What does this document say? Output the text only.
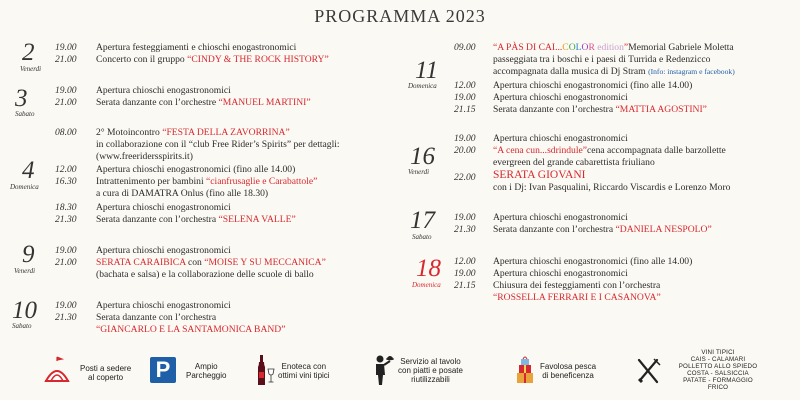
PROGRAMMA 2023
2
Venerdì
19.00 Apertura festeggiamenti e chioschi enogastronomici
21.00 Concerto con il gruppo “CINDY & THE ROCK HISTORY”
3
Sabato
19.00 Apertura chioschi enogastronomici
21.00 Serata danzante con l’orchestre “MANUEL MARTINI”
4
Domenica
08.00 2° Motoincontro “FESTA DELLA ZAVORRINA”
in collaborazione con il “club Free Rider’s Spirits” per dettagli:
(www.freeridersspirits.it)
12.00 Apertura chioschi enogastronomici (fino alle 14.00)
16.30 Intrattenimento per bambini “cianfrusaglie e Carabattole”
a cura di DAMATRA Onlus (fino alle 18.30)
18.30 Apertura chioschi enogastronomici
21.30 Serata danzante con l’orchestra “SELENA VALLE”
9
Venerdì
19.00 Apertura chioschi enogastronomici
21.00 SERATA CARAIBICA con “MOISE Y SU MECCANICA”
(bachata e salsa) e la collaborazione delle scuole di ballo
10
Sabato
19.00 Apertura chioschi enogastronomici
21.30 Serata danzante con l’orchestra
“GIANCARLO E LA SANTAMONICA BAND”
11
Domenica
09.00 “A PÀS DI CAI...COLOR edition”Memorial Gabriele Moletta
passeggiata tra i boschi e i paesi di Turrida e Redenzicco
accompagnata dalla musica di Dj Stram (Info: instagram e facebook)
12.00 Apertura chioschi enogastronomici (fino alle 14.00)
19.00 Apertura chioschi enogastronomici
21.15 Serata danzante con l’orchestra “MATTIA AGOSTINI”
16
Venerdì
19.00 Apertura chioschi enogastronomici
20.00 “A cena cun...sdrindule”cena accompagnata dalle barzollette
evergreen del grande cabarettista friuliano
22.00 SERATA GIOVANI
con i Dj: Ivan Pasqualini, Riccardo Viscardis e Lorenzo Moro
17
Sabato
19.00 Apertura chioschi enogastronomici
21.30 Serata danzante con l’orchestra “DANIELA NESPOLO”
18
Domenica
12.00 Apertura chioschi enogastronomici (fino alle 14.00)
19.00 Apertura chioschi enogastronomici
21.15 Chiusura dei festeggiamenti con l’orchestra
“ROSSELLA FERRARI E I CASANOVA”
Posti a sedere
al coperto	P	Ampio
Parcheggio
Enoteca con
ottimi vini tipici
Servizio al tavolo
con piatti e posate
riutilizzabili
Favolosa pesca
di beneficenza
VINI TIPICI
CAIS - CALAMARI
POLLETTO ALLO SPIEDO
COSTA - SALSICCIA
PATATE - FORMAGGIO
FRICO
